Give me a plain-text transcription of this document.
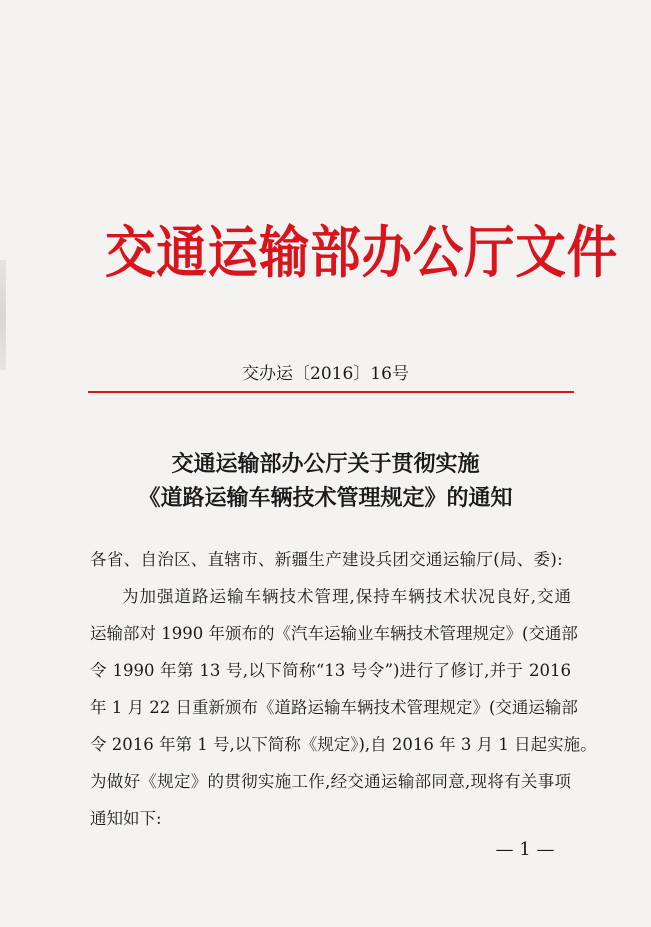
交通运输部办公厅文件
交办运〔2016〕16号
交通运输部办公厅关于贯彻实施
《道路运输车辆技术管理规定》的通知
各省、自治区、直辖市、新疆生产建设兵团交通运输厅(局、委):
为加强道路运输车辆技术管理,保持车辆技术状况良好,交通
运输部对 1990 年颁布的《汽车运输业车辆技术管理规定》(交通部
令 1990 年第 13 号,以下简称“13 号令”)进行了修订,并于 2016
年 1 月 22 日重新颁布《道路运输车辆技术管理规定》(交通运输部
令 2016 年第 1 号,以下简称《规定》),自 2016 年 3 月 1 日起实施。
为做好《规定》的贯彻实施工作,经交通运输部同意,现将有关事项
通知如下:
— 1 —
